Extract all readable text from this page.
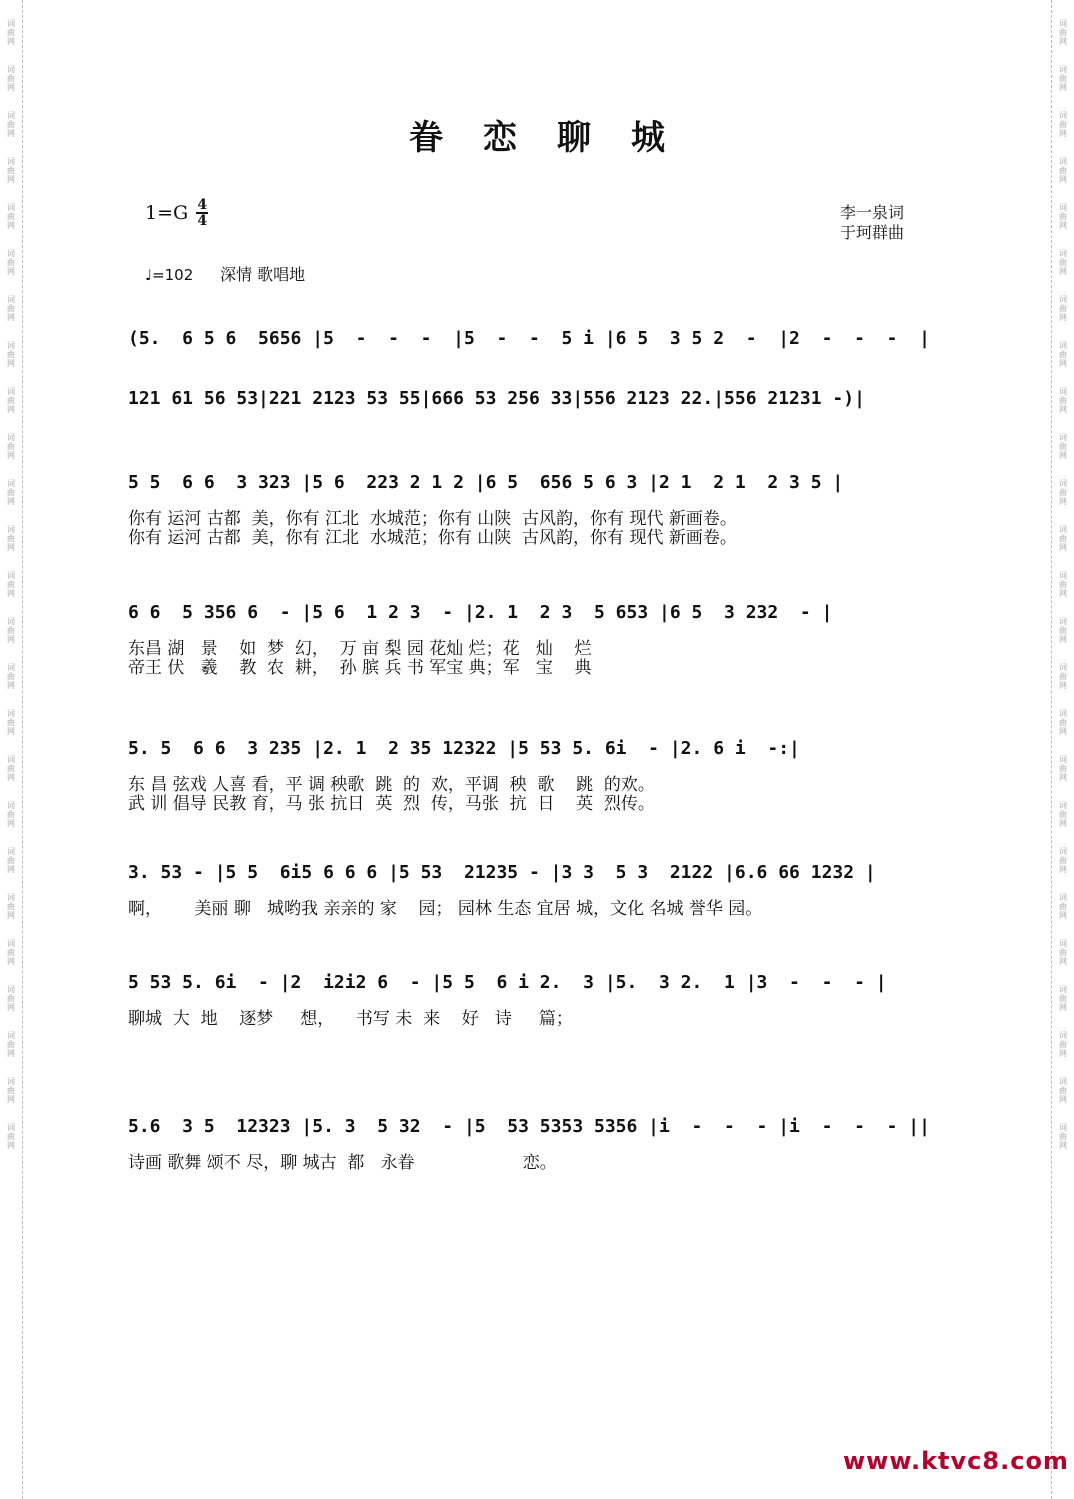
词曲网
词曲网
词曲网
词曲网
词曲网
词曲网
词曲网
词曲网
词曲网
词曲网
词曲网
词曲网
词曲网
词曲网
词曲网
词曲网
词曲网
词曲网
词曲网
词曲网
词曲网
词曲网
词曲网
词曲网
词曲网
词曲网
词曲网
词曲网
词曲网
词曲网
词曲网
词曲网
词曲网
词曲网
词曲网
词曲网
词曲网
词曲网
词曲网
词曲网
词曲网
词曲网
词曲网
词曲网
词曲网
词曲网
词曲网
词曲网
词曲网
词曲网
眷恋聊城
1=G 4
4	李一泉词
于珂群曲
♩=102 深情 歌唱地
(5.  6 5 6  5656 |5  -  -  -  |5  -  -  5 i |6 5  3 5 2  -  |2  -  -  -  |
121 61 56 53|221 2123 53 55|666 53 256 33|556 2123 22.|556 21231 -)|
5 5  6 6  3 323 |5 6  223 2 1 2 |6 5  656 5 6 3 |2 1  2 1  2 3 5 |
你有 运河 古都  美，你有 江北  水城范；你有 山陕  古风韵，你有 现代 新画卷。
你有 运河 古都  美，你有 江北  水城范；你有 山陕  古风韵，你有 现代 新画卷。
6 6  5 356 6  - |5 6  1 2 3  - |2. 1  2 3  5 653 |6 5  3 232  - |
东昌 湖   景    如  梦  幻，  万 亩 梨 园 花灿 烂；花   灿    烂
帝王 伏   羲    教  农  耕，  孙 膑 兵 书 军宝 典；军   宝    典
5. 5  6 6  3 235 |2. 1  2 35 12322 |5 53 5. 6i  - |2. 6 i  -:|
东 昌 弦戏 人喜 看，平 调 秧歌  跳  的  欢，平调  秧  歌    跳  的欢。
武 训 倡导 民教 育，马 张 抗日  英  烈  传，马张  抗  日    英  烈传。
3. 53 - |5 5  6i5 6 6 6 |5 53  21235 - |3 3  5 3  2122 |6.6 66 1232 |
啊，      美丽 聊   城哟我 亲亲的 家    园； 园林 生态 宜居 城，文化 名城 誉华 园。
5 53 5. 6i  - |2  i2i2 6  - |5 5  6 i 2.  3 |5.  3 2.  1 |3  -  -  - |
聊城  大  地    逐梦     想，    书写 未  来    好   诗     篇；
5.6  3 5  12323 |5. 3  5 32  - |5  53 5353 5356 |i  -  -  - |i  -  -  - ||
诗画 歌舞 颂不 尽，聊 城古  都   永眷                    恋。
www.ktvc8.com
